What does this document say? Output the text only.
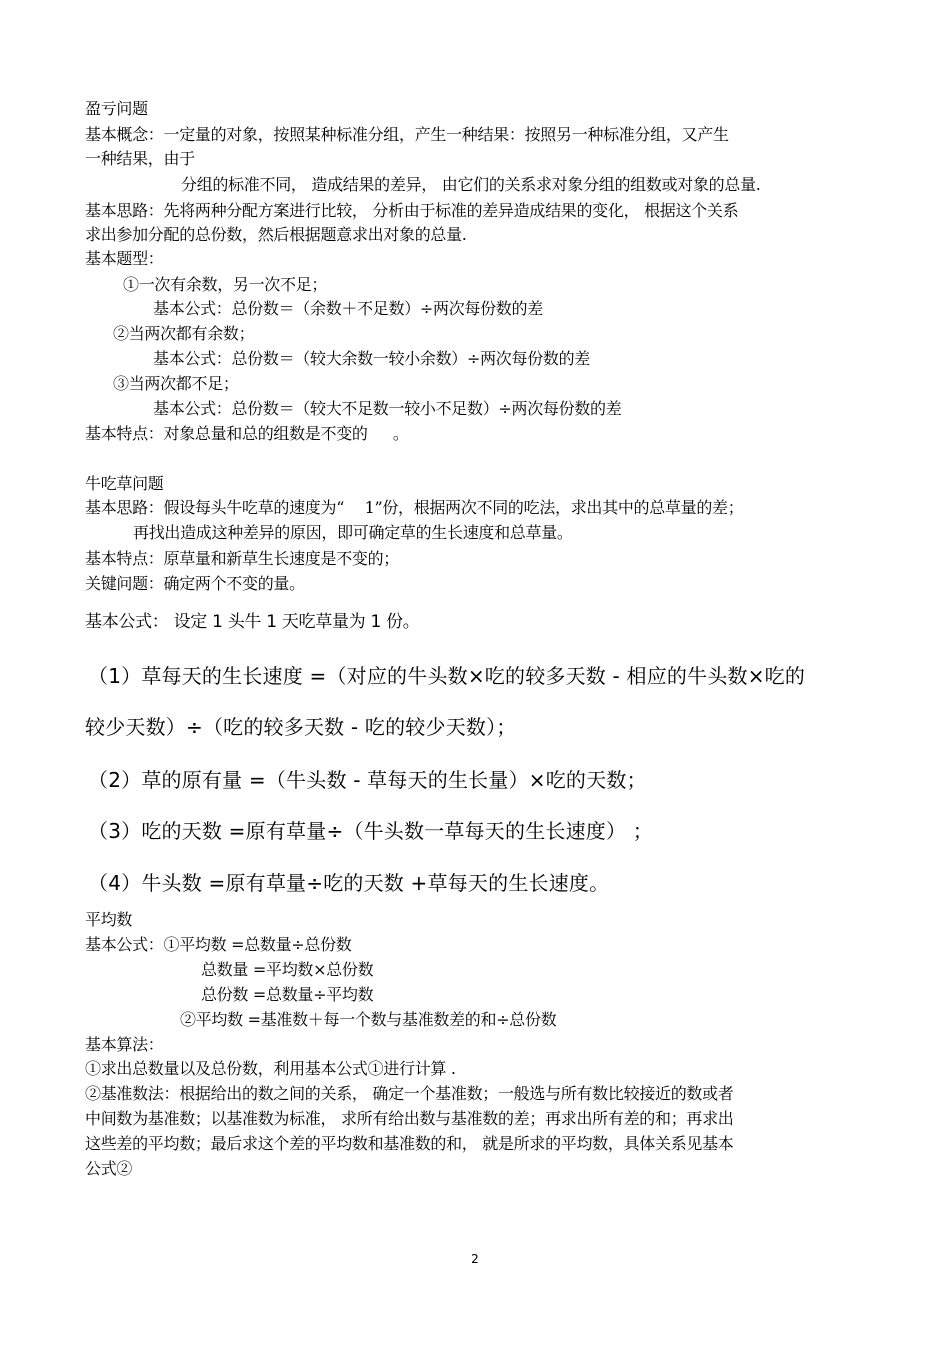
盈亏问题
基本概念：一定量的对象，按照某种标准分组，产生一种结果：按照另一种标准分组，又产生
一种结果，由于
分组的标准不同， 造成结果的差异， 由它们的关系求对象分组的组数或对象的总量.
基本思路：先将两种分配方案进行比较， 分析由于标准的差异造成结果的变化， 根据这个关系
求出参加分配的总份数，然后根据题意求出对象的总量.
基本题型：
①一次有余数，另一次不足；
基本公式：总份数＝（余数＋不足数）÷两次每份数的差
②当两次都有余数；
基本公式：总份数＝（较大余数一较小余数）÷两次每份数的差
③当两次都不足；
基本公式：总份数＝（较大不足数一较小不足数）÷两次每份数的差
基本特点：对象总量和总的组数是不变的 　 。
牛吃草问题
基本思路：假设每头牛吃草的速度为“ 　1”份，根据两次不同的吃法，求出其中的总草量的差；
再找出造成这种差异的原因，即可确定草的生长速度和总草量。
基本特点：原草量和新草生长速度是不变的；
关键问题：确定两个不变的量。
基本公式： 设定 1 头牛 1 天吃草量为 1 份。
（1）草每天的生长速度 =（对应的牛头数×吃的较多天数 - 相应的牛头数×吃的
较少天数）÷（吃的较多天数 - 吃的较少天数）；
（2）草的原有量 =（牛头数 - 草每天的生长量）×吃的天数；
（3）吃的天数 =原有草量÷（牛头数一草每天的生长速度） ；
（4）牛头数 =原有草量÷吃的天数 +草每天的生长速度。
平均数
基本公式：①平均数 =总数量÷总份数
总数量 =平均数×总份数
总份数 =总数量÷平均数
②平均数 =基准数＋每一个数与基准数差的和÷总份数
基本算法：
①求出总数量以及总份数，利用基本公式①进行计算 .
②基准数法：根据给出的数之间的关系， 确定一个基准数；一般选与所有数比较接近的数或者
中间数为基准数；以基准数为标准， 求所有给出数与基准数的差；再求出所有差的和；再求出
这些差的平均数；最后求这个差的平均数和基准数的和， 就是所求的平均数，具体关系见基本
公式②
2
